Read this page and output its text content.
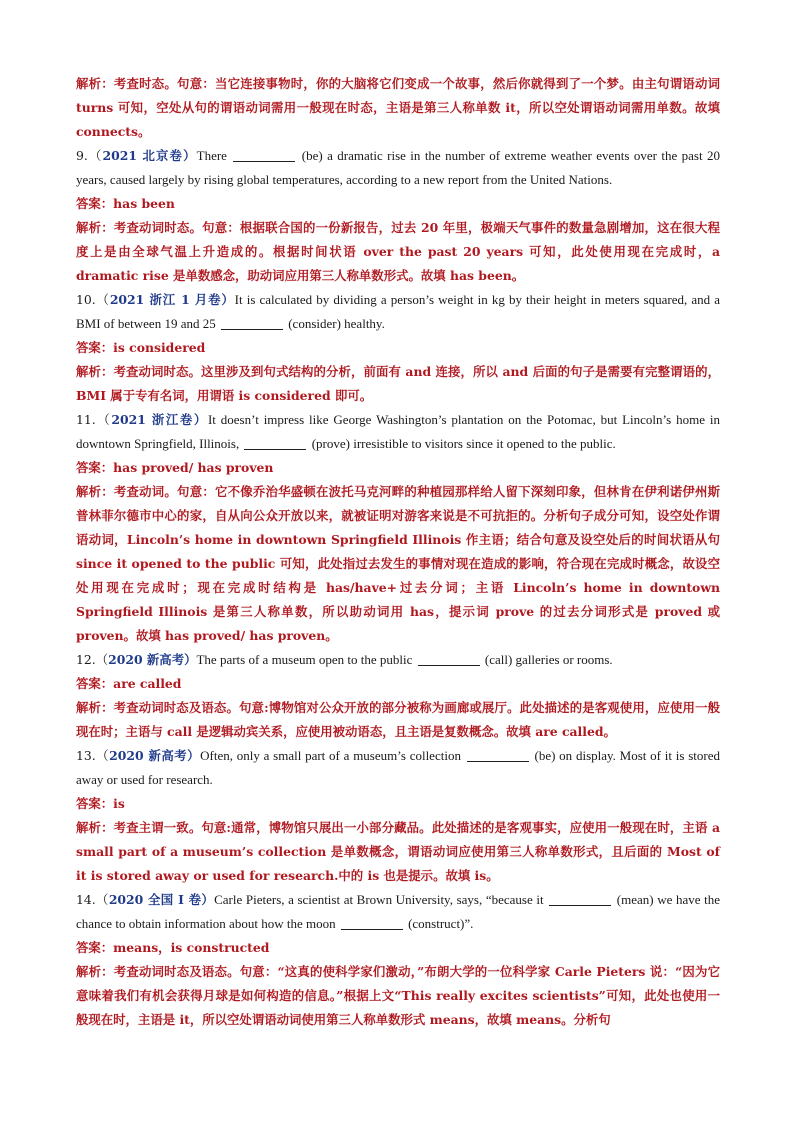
解析：考查时态。句意：当它连接事物时，你的大脑将它们变成一个故事，然后你就得到了一个梦。由主句谓语动词 turns 可知，空处从句的谓语动词需用一般现在时态，主语是第三人称单数 it，所以空处谓语动词需用单数。故填 connects。

9.（2021 北京卷）There	(be) a dramatic rise in the number of extreme weather events over the past 20 years, caused largely by rising global temperatures, according to a new report from the United Nations.

答案：has been

解析：考查动词时态。句意：根据联合国的一份新报告，过去 20 年里，极端天气事件的数量急剧增加，这在很大程度上是由全球气温上升造成的。根据时间状语 over the past 20 years 可知，此处使用现在完成时，a dramatic rise 是单数感念，助动词应用第三人称单数形式。故填 has been。

10.（2021 浙江 1 月卷）It is calculated by dividing a person’s weight in kg by their height in meters squared, and a BMI of between 19 and 25	(consider) healthy.

答案：is considered

解析：考查动词时态。这里涉及到句式结构的分析，前面有 and 连接，所以 and 后面的句子是需要有完整谓语的，BMI 属于专有名词，用谓语 is considered 即可。

11.（2021 浙江卷）It doesn’t impress like George Washington’s plantation on the Potomac, but Lincoln’s home in downtown Springfield, Illinois,	(prove) irresistible to visitors since it opened to the public.

答案：has proved/ has proven

解析：考查动词。句意：它不像乔治华盛顿在波托马克河畔的种植园那样给人留下深刻印象，但林肯在伊利诺伊州斯普林菲尔德市中心的家，自从向公众开放以来，就被证明对游客来说是不可抗拒的。分析句子成分可知，设空处作谓语动词，Lincoln’s home in downtown Springfield Illinois 作主语；结合句意及设空处后的时间状语从句 since it opened to the public 可知，此处指过去发生的事情对现在造成的影响，符合现在完成时概念，故设空处用现在完成时；现在完成时结构是 has/have+过去分词；主语 Lincoln’s home in downtown Springfield Illinois 是第三人称单数，所以助动词用 has，提示词 prove 的过去分词形式是 proved 或 proven。故填 has proved/ has proven。

12.（2020 新高考）The parts of a museum open to the public	(call) galleries or rooms.

答案：are called

解析：考查动词时态及语态。句意:博物馆对公众开放的部分被称为画廊或展厅。此处描述的是客观使用，应使用一般现在时；主语与 call 是逻辑动宾关系，应使用被动语态，且主语是复数概念。故填 are called。

13.（2020 新高考）Often, only a small part of a museum’s collection	(be) on display. Most of it is stored away or used for research.

答案：is

解析：考查主谓一致。句意:通常，博物馆只展出一小部分藏品。此处描述的是客观事实，应使用一般现在时，主语 a small part of a museum’s collection 是单数概念，谓语动词应使用第三人称单数形式，且后面的 Most of it is stored away or used for research.中的 is 也是提示。故填 is。

14.（2020 全国 I 卷）Carle Pieters, a scientist at Brown University, says, “because it	(mean) we have the chance to obtain information about how the moon	(construct)”.

答案：means，is constructed

解析：考查动词时态及语态。句意：“这真的使科学家们激动，”布朗大学的一位科学家 Carle Pieters 说：“因为它意味着我们有机会获得月球是如何构造的信息。”根据上文“This really excites scientists”可知，此处也使用一般现在时，主语是 it，所以空处谓语动词使用第三人称单数形式 means，故填 means。分析句
